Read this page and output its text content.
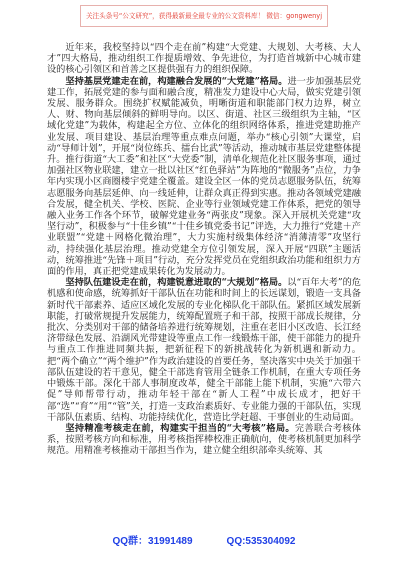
关注头条号“公文研究”，获得最新最全最专业的公文资料库！ 微信：gongwenyj

近年来，我校坚持以“四个走在前”构建“大党建、大规划、大考核、大人才”四大格局，推动组织工作提质增效、争先进位，为打造首城新中心城市建设的核心引领区和首善之区提供强有力的组织保障。

坚持基层党建走在前，构建融合发展的“大党建”格局。进一步加强基层党建工作，拓展党建的参与面和融合度，精准发力建设中心大局，做实党建引领发展、服务群众。围绕扩权赋能减负，明晰街道和职能部门权力边界，树立人、财、物向基层倾斜的鲜明导向。以区、街道、社区三级组织为主轴，“区域化党建”为载体，构建起全方位、立体化的组织网络体系，推进党建助推产业发展、项目建设、基层治理等重点难点问题，举办“核心引领”大课堂，启动“导师计划”，开展“岗位练兵、擂台比武”等活动，推动城市基层党建整体提升。推行街道“大工委”和社区“大党委”制，清单化规范化社区服务事项，通过加强社区物业联建，建立一批以社区“红色驿站”为阵地的“微服务”点位，力争年内实现小区商圈楼宇党建全覆盖。建设全区一体的党员志愿服务队伍，统筹志愿服务向基层延伸、向一线延伸，让群众真正得到实惠。推动各领域党建融合发展，健全机关、学校、医院、企业等行业领域党建工作体系，把党的领导融入业务工作各个环节，破解党建业务“两张皮”现象。深入开展机关党建“攻坚行动”，积极参与“十佳乡镇”“十佳乡镇党委书记”评选，大力推行“党建＋产业联盟”“党建＋网格化微治理”，大力实施村级集体经济“消薄清零”攻坚行动，持续强化基层治理。推动党建全方位引领发展，深入开展“四联”主题活动，统筹推进“先锋＋项目”行动，充分发挥党员在党组织政治功能和组织力方面的作用，真正把党建成果转化为发展动力。

坚持队伍建设走在前，构建锐意进取的“大规划”格局。以“百年大考”的危机感和使命感，统筹抓好干部队伍在功能和时间上的长远谋划，锻造一支具备新时代干部素养、适应区域化发展的专业化梯队化干部队伍。紧抓区域发展新职能，打破常规提升发展能力，统筹配置班子和干部，按照干部成长规律，分批次、分类别对干部的储备培养进行统筹规划，注重在老旧小区改造、长江经济带绿色发展、沿湖风光带建设等重点工作一线锻炼干部，使干部能力的提升与重点工作推进同频共振，把新征程下的新挑战转化为新机遇和新动力。把“两个确立”“两个维护”作为政治建设的首要任务，坚决落实中央关于加强干部队伍建设的若干意见，健全干部选育管用全链条工作机制，在重大专项任务中锻炼干部。深化干部人事制度改革，健全干部能上能下机制，实施“六带六促”导师帮带行动，推动年轻干部在“新人工程”中成长成才，把好干部“选”“育”“用”“管”关，打造一支政治素质好、专业能力强的干部队伍，实现干部队伍素质、结构、功能持续优化，营造比学赶超、干事创业的生动局面。

坚持精准考核走在前，构建实干担当的“大考核”格局。完善联合考核体系，按照考核方向和标准，用考核指挥棒校准正确航向，使考核机制更加科学规范。用精准考核推动干部担当作为，建立健全组织部牵头统筹、其

QQ群：31991489	QQ:535304092
